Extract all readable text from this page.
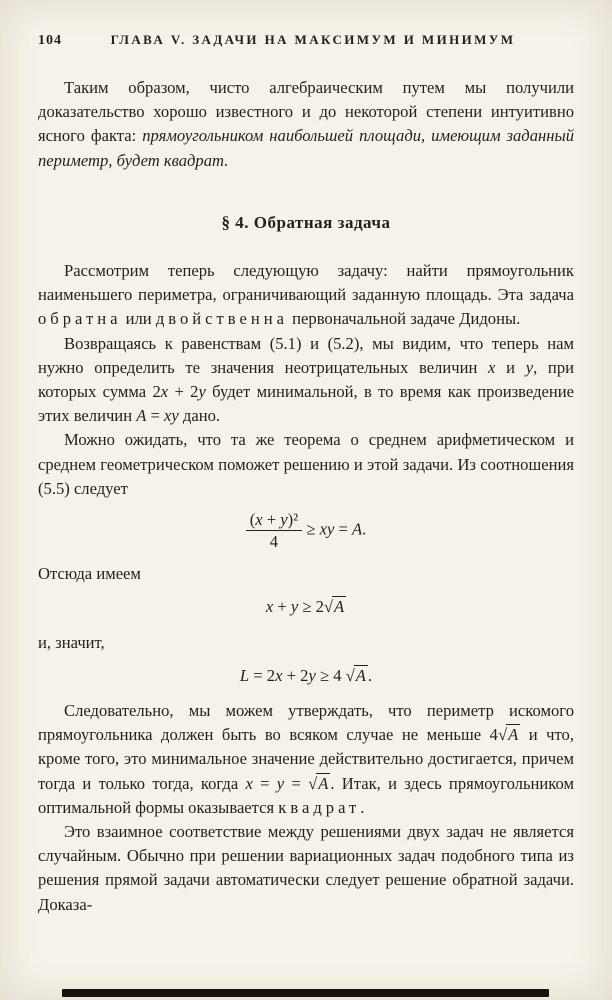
104	ГЛАВА V. ЗАДАЧИ НА МАКСИМУМ И МИНИМУМ

Таким образом, чисто алгебраическим путем мы получили доказательство хорошо известного и до некоторой степени интуитивно ясного факта: прямоугольником наибольшей площади, имеющим заданный периметр, будет квадрат.

§ 4. Обратная задача

Рассмотрим теперь следующую задачу: найти прямоугольник наименьшего периметра, ограничивающий заданную площадь. Эта задача обратна или двойственна первоначальной задаче Дидоны.

Возвращаясь к равенствам (5.1) и (5.2), мы видим, что теперь нам нужно определить те значения неотрицательных величин x и y, при которых сумма 2x + 2y будет минимальной, в то время как произведение этих величин A = xy дано.

Можно ожидать, что та же теорема о среднем арифметическом и среднем геометрическом поможет решению и этой задачи. Из соотношения (5.5) следует

$\frac{\text{(x + y)²}}{4}$ ≥ xy = A.

Отсюда имеем

x + y ≥ 2√A

и, значит,

L = 2x + 2y ≥ 4 √A .

Следовательно, мы можем утверждать, что периметр искомого прямоугольника должен быть во всяком случае не меньше 4√A и что, кроме того, это минимальное значение действительно достигается, причем тогда и только тогда, когда x = y = √A . Итак, и здесь прямоугольником оптимальной формы оказывается квадрат.

Это взаимное соответствие между решениями двух задач не является случайным. Обычно при решении вариационных задач подобного типа из решения прямой задачи автоматически следует решение обратной задачи. Доказа-
